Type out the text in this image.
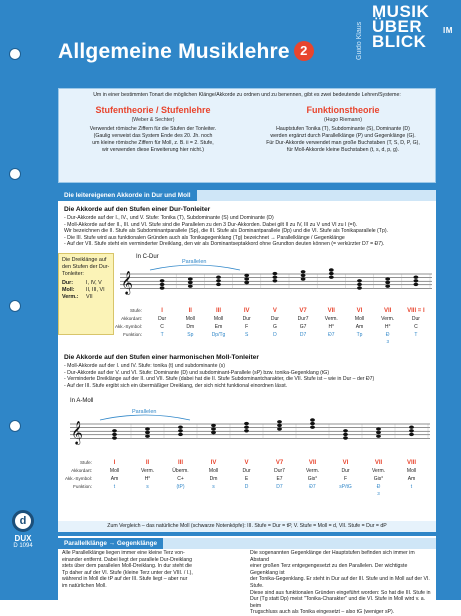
Allgemeine Musiklehre 2	Guido Klaus
MUSIK
IM
ÜBER
BLICK
d
DUX
D 1094
Um in einer bestimmten Tonart die möglichen Klänge/Akkorde zu ordnen und zu benennen, gibt es zwei bedeutende Lehren/Systeme:
Stufentheorie / Stufenlehre
(Weber & Sechter)
Verwendet römische Ziffern für die Stufen der Tonleiter.
(Gaulig verweist das System Ende des 20. Jh. noch
um kleine römische Ziffern für Moll, z. B. ii = 2. Stufe,
wir verwenden diese Erweiterung hier nicht.)
Funktionstheorie
(Hugo Riemann)
Hauptstufen Tonika (T), Subdominante (S), Dominante (D)
werden ergänzt durch Parallelklänge (P) und Gegenklänge (G).
Für Dur-Akkorde verwendet man große Buchstaben (T, S, D, P, G),
für Moll-Akkorde kleine Buchstaben (t, s, d, p, g).
Die leitereigenen Akkorde in Dur und Moll
Die Akkorde auf den Stufen einer Dur-Tonleiter
- Dur-Akkorde auf der I., IV., und V. Stufe: Tonika (T), Subdominante (S) und Dominante (D)
- Moll-Akkorde auf der II., III. und VI. Stufe sind die Parallelen zu den 3 Dur-Akkorden. Dabei gilt II zu IV, III zu V und VI zu I (=I).
Wir bezeichnen die II. Stufe als Subdominantparallele (Sp), die III. Stufe als Dominantparallele (Dp) und die VI. Stufe als Tonikaparallele (Tp).
- Die III. Stufe wird aus funktionalen Gründen auch als Tonikagegenklang (Tg) bezeichnet → Parallelklänge / Gegenklänge
- Auf der VII. Stufe steht ein verminderter Dreiklang, den wir als Dominantseptakkord ohne Grundton deuten können (= verkürzter D7 = Đ7).
In C-Dur
𝄞
Parallelen
Stufe:
Akkordart:
Akk.-Symbol:
Funktion:
I
Dur
C
T
II
Moll
Dm
Sp
III
Moll
Em
Dp/Tg
IV
Dur
F
S
V
Dur
G
D
V7
Dur7
G7
D7
VII
Verm.
H°
Đ7
VI
Moll
Am
Tp
VII
Verm.
H°
Đ
3
VIII = I
Dur
C
T
Die Akkorde auf den Stufen einer harmonischen Moll-Tonleiter
- Moll-Akkorde auf der I. und IV. Stufe: tonika (t) und subdominante (s)
- Dur-Akkorde auf der V. und VI. Stufe: Dominante (D) und subdominant-Parallele (sP) bzw. tonika-Gegenklang (tG)
- Verminderte Dreiklänge auf der II. und VII. Stufe (dabei hat die II. Stufe Subdominantcharakter, die VII. Stufe ist – wie in Dur – der Đ7)
- Auf der III. Stufe ergibt sich ein übermäßiger Dreiklang, der sich nicht funktional einordnen lässt.
In A-Moll
𝄞
Parallelen
Stufe:
Akkordart:
Akk.-Symbol:
Funktion:
I
Moll
Am
t
II
Verm.
H°
s
III
Überm.
C+
(tP)
IV
Moll
Dm
s
V
Dur
E
D
V7
Dur7
E7
D7
VII
Verm.
Gis°
Đ7
VI
Dur
F
sP/tG
VII
Verm.
Gis°
Đ
3
VIII
Moll
Am
t
Die Dreiklänge auf den Stufen der Dur-Tonleiter:
Dur: I, IV, V
Moll: II, III, VI
Verm.: VII
Zum Vergleich – das natürliche Moll (schwarze Notenköpfe): III. Stufe = Dur = tP, V. Stufe = Moll = d, VII. Stufe = Dur = dP
Parallelklänge → Gegenklänge
Alle Parallelklänge liegen immer eine kleine Terz von-
einander entfernt. Dabei liegt der parallele Dur-Dreiklang
stets über dem parallelen Moll-Dreiklang. In dur steht die
Tp daher auf der VI. Stufe (kleine Terz unter der VIII. / I.),
während in Moll die tP auf der III. Stufe liegt – aber nur
im natürlichen Moll.
Die sogenannten Gegenklänge der Hauptstufen befinden sich immer im Abstand
einer großen Terz entgegengesetzt zu den Parallelen. Der wichtigste Gegenklang ist
der Tonika-Gegenklang. Er steht in Dur auf der III. Stufe und in Moll auf der VI. Stufe.
Diese sind aus funktionalen Gründen eingeführt worden: So hat die III. Stufe in
Dur (Tg statt Dp) meist "Tonika-Charakter" und die VI. Stufe in Moll wird v. a. beim
Trugschluss auch als Tonika eingesetzt – also tG (weniger sP).
